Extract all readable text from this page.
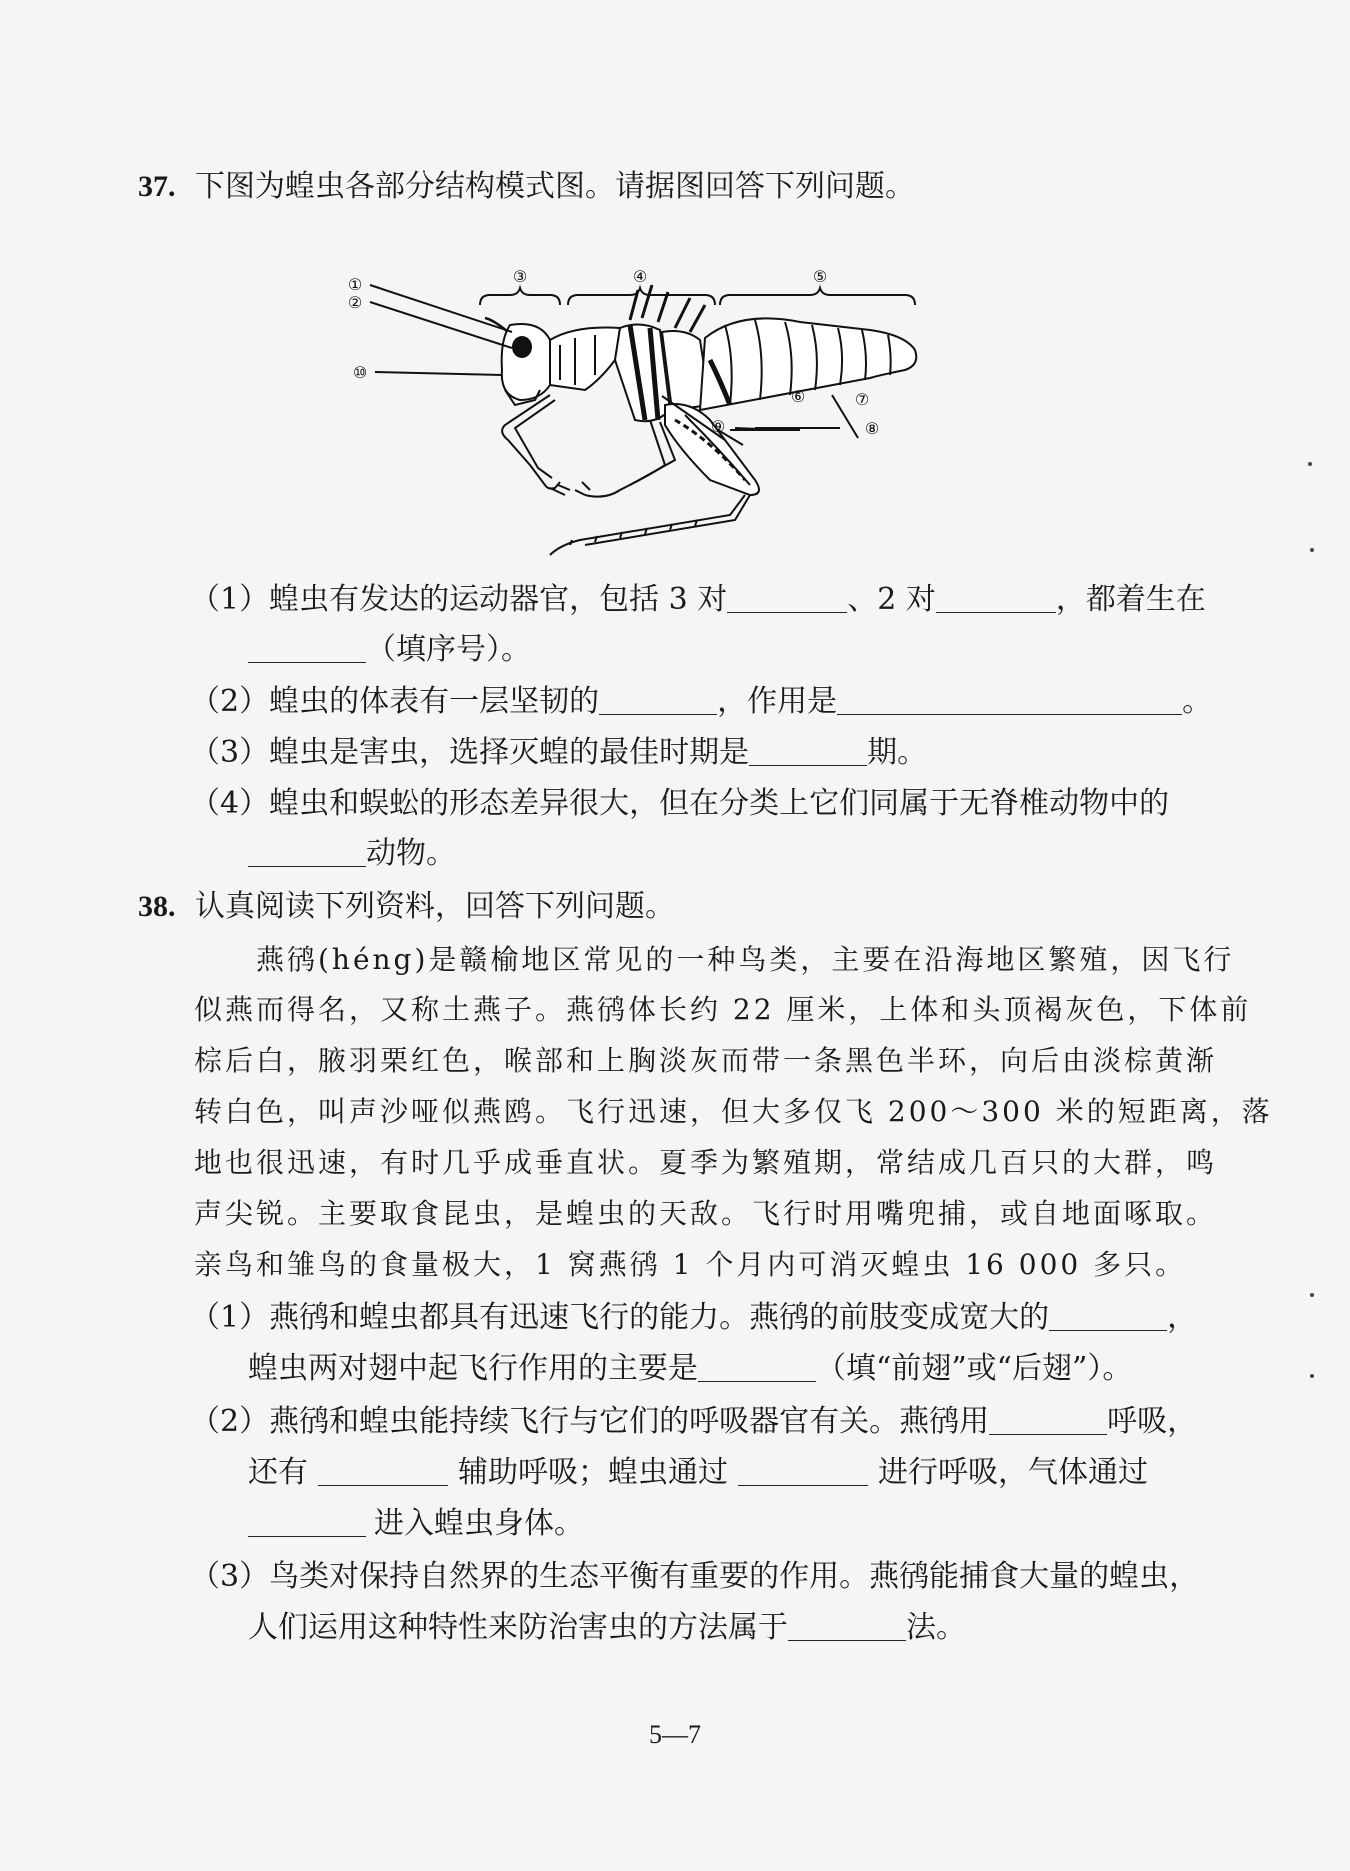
37. 下图为蝗虫各部分结构模式图。请据图回答下列问题。
③	④	⑤
①
②
⑩
⑥	⑦
⑧
⑨
（1）蝗虫有发达的运动器官，包括 3 对	、2 对	，都着生在
（填序号）。
（2）蝗虫的体表有一层坚韧的	，作用是	。
（3）蝗虫是害虫，选择灭蝗的最佳时期是	期。
（4）蝗虫和蜈蚣的形态差异很大，但在分类上它们同属于无脊椎动物中的
动物。
38. 认真阅读下列资料，回答下列问题。
燕鸻(héng)是赣榆地区常见的一种鸟类，主要在沿海地区繁殖，因飞行
似燕而得名，又称土燕子。燕鸻体长约 22 厘米，上体和头顶褐灰色，下体前
棕后白，腋羽栗红色，喉部和上胸淡灰而带一条黑色半环，向后由淡棕黄渐
转白色，叫声沙哑似燕鸥。飞行迅速，但大多仅飞 200～300 米的短距离，落
地也很迅速，有时几乎成垂直状。夏季为繁殖期，常结成几百只的大群，鸣
声尖锐。主要取食昆虫，是蝗虫的天敌。飞行时用嘴兜捕，或自地面啄取。
亲鸟和雏鸟的食量极大，1 窝燕鸻 1 个月内可消灭蝗虫 16 000 多只。
（1）燕鸻和蝗虫都具有迅速飞行的能力。燕鸻的前肢变成宽大的	，
蝗虫两对翅中起飞行作用的主要是	（填“前翅”或“后翅”）。
（2）燕鸻和蝗虫能持续飞行与它们的呼吸器官有关。燕鸻用	呼吸，
还有	辅助呼吸；蝗虫通过	进行呼吸，气体通过
进入蝗虫身体。
（3）鸟类对保持自然界的生态平衡有重要的作用。燕鸻能捕食大量的蝗虫，
人们运用这种特性来防治害虫的方法属于	法。
5—7
